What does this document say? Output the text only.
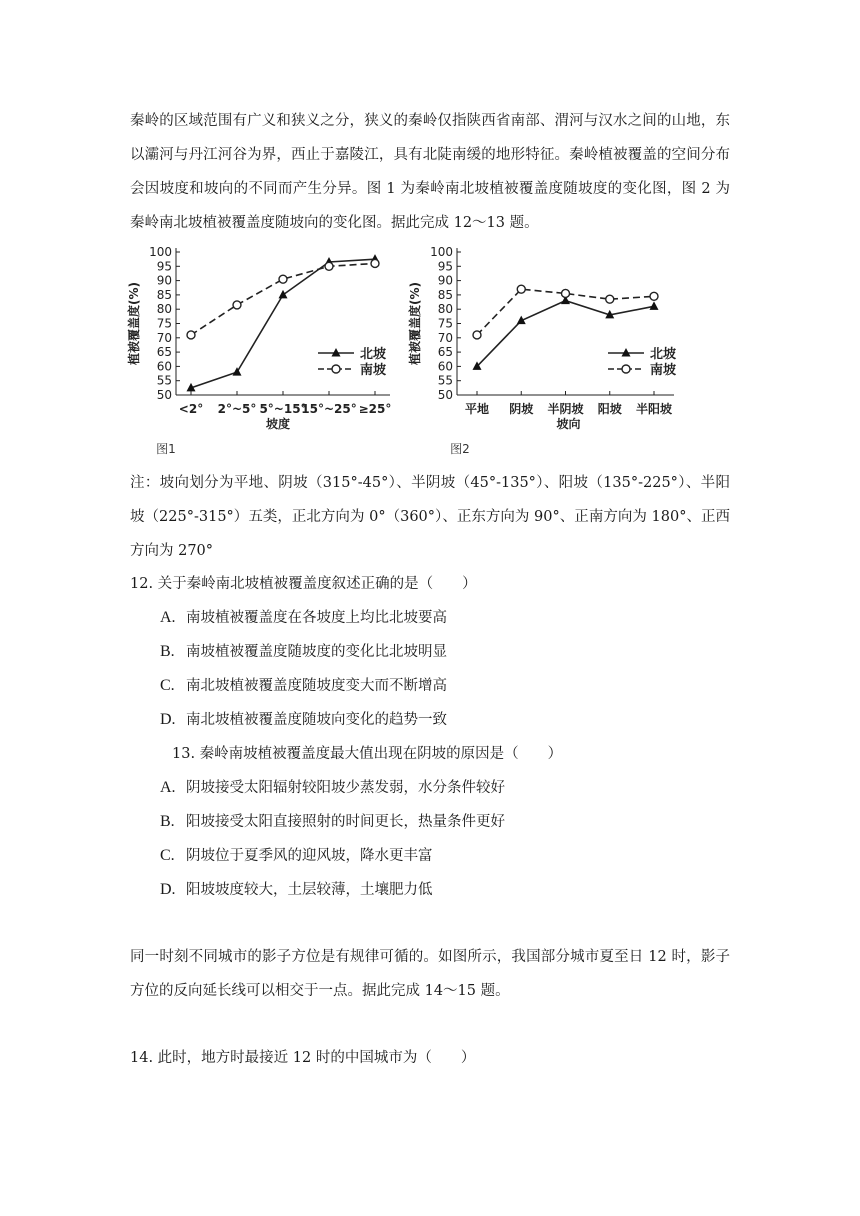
秦岭的区域范围有广义和狭义之分，狭义的秦岭仅指陕西省南部、渭河与汉水之间的山地，东以灞河与丹江河谷为界，西止于嘉陵江，具有北陡南缓的地形特征。秦岭植被覆盖的空间分布会因坡度和坡向的不同而产生分异。图 1 为秦岭南北坡植被覆盖度随坡度的变化图，图 2 为秦岭南北坡植被覆盖度随坡向的变化图。据此完成 12～13 题。
50
55
60
65
70
75
80
85
90
95
100
植被覆盖度(%)
<2° 2°~5° 5°~15°
15°~25° ≥25°
坡度
图1
北坡
南坡
50
55
60
65
70
75
80
85
90
95
100
植被覆盖度(%)
平地 阴坡 半阴坡 阳坡 半阳坡
坡向
图2
北坡
南坡
注：坡向划分为平地、阴坡（315°-45°）、半阴坡（45°-135°）、阳坡（135°-225°）、半阳坡（225°-315°）五类，正北方向为 0°（360°）、正东方向为 90°、正南方向为 180°、正西方向为 270°
12. 关于秦岭南北坡植被覆盖度叙述正确的是（　　）
A. 南坡植被覆盖度在各坡度上均比北坡要高
B. 南坡植被覆盖度随坡度的变化比北坡明显
C. 南北坡植被覆盖度随坡度变大而不断增高
D. 南北坡植被覆盖度随坡向变化的趋势一致
13. 秦岭南坡植被覆盖度最大值出现在阴坡的原因是（　　）
A. 阴坡接受太阳辐射较阳坡少蒸发弱，水分条件较好
B. 阳坡接受太阳直接照射的时间更长，热量条件更好
C. 阴坡位于夏季风的迎风坡，降水更丰富
D. 阳坡坡度较大，土层较薄，土壤肥力低
同一时刻不同城市的影子方位是有规律可循的。如图所示，我国部分城市夏至日 12 时，影子方位的反向延长线可以相交于一点。据此完成 14～15 题。
14. 此时，地方时最接近 12 时的中国城市为（　　）
